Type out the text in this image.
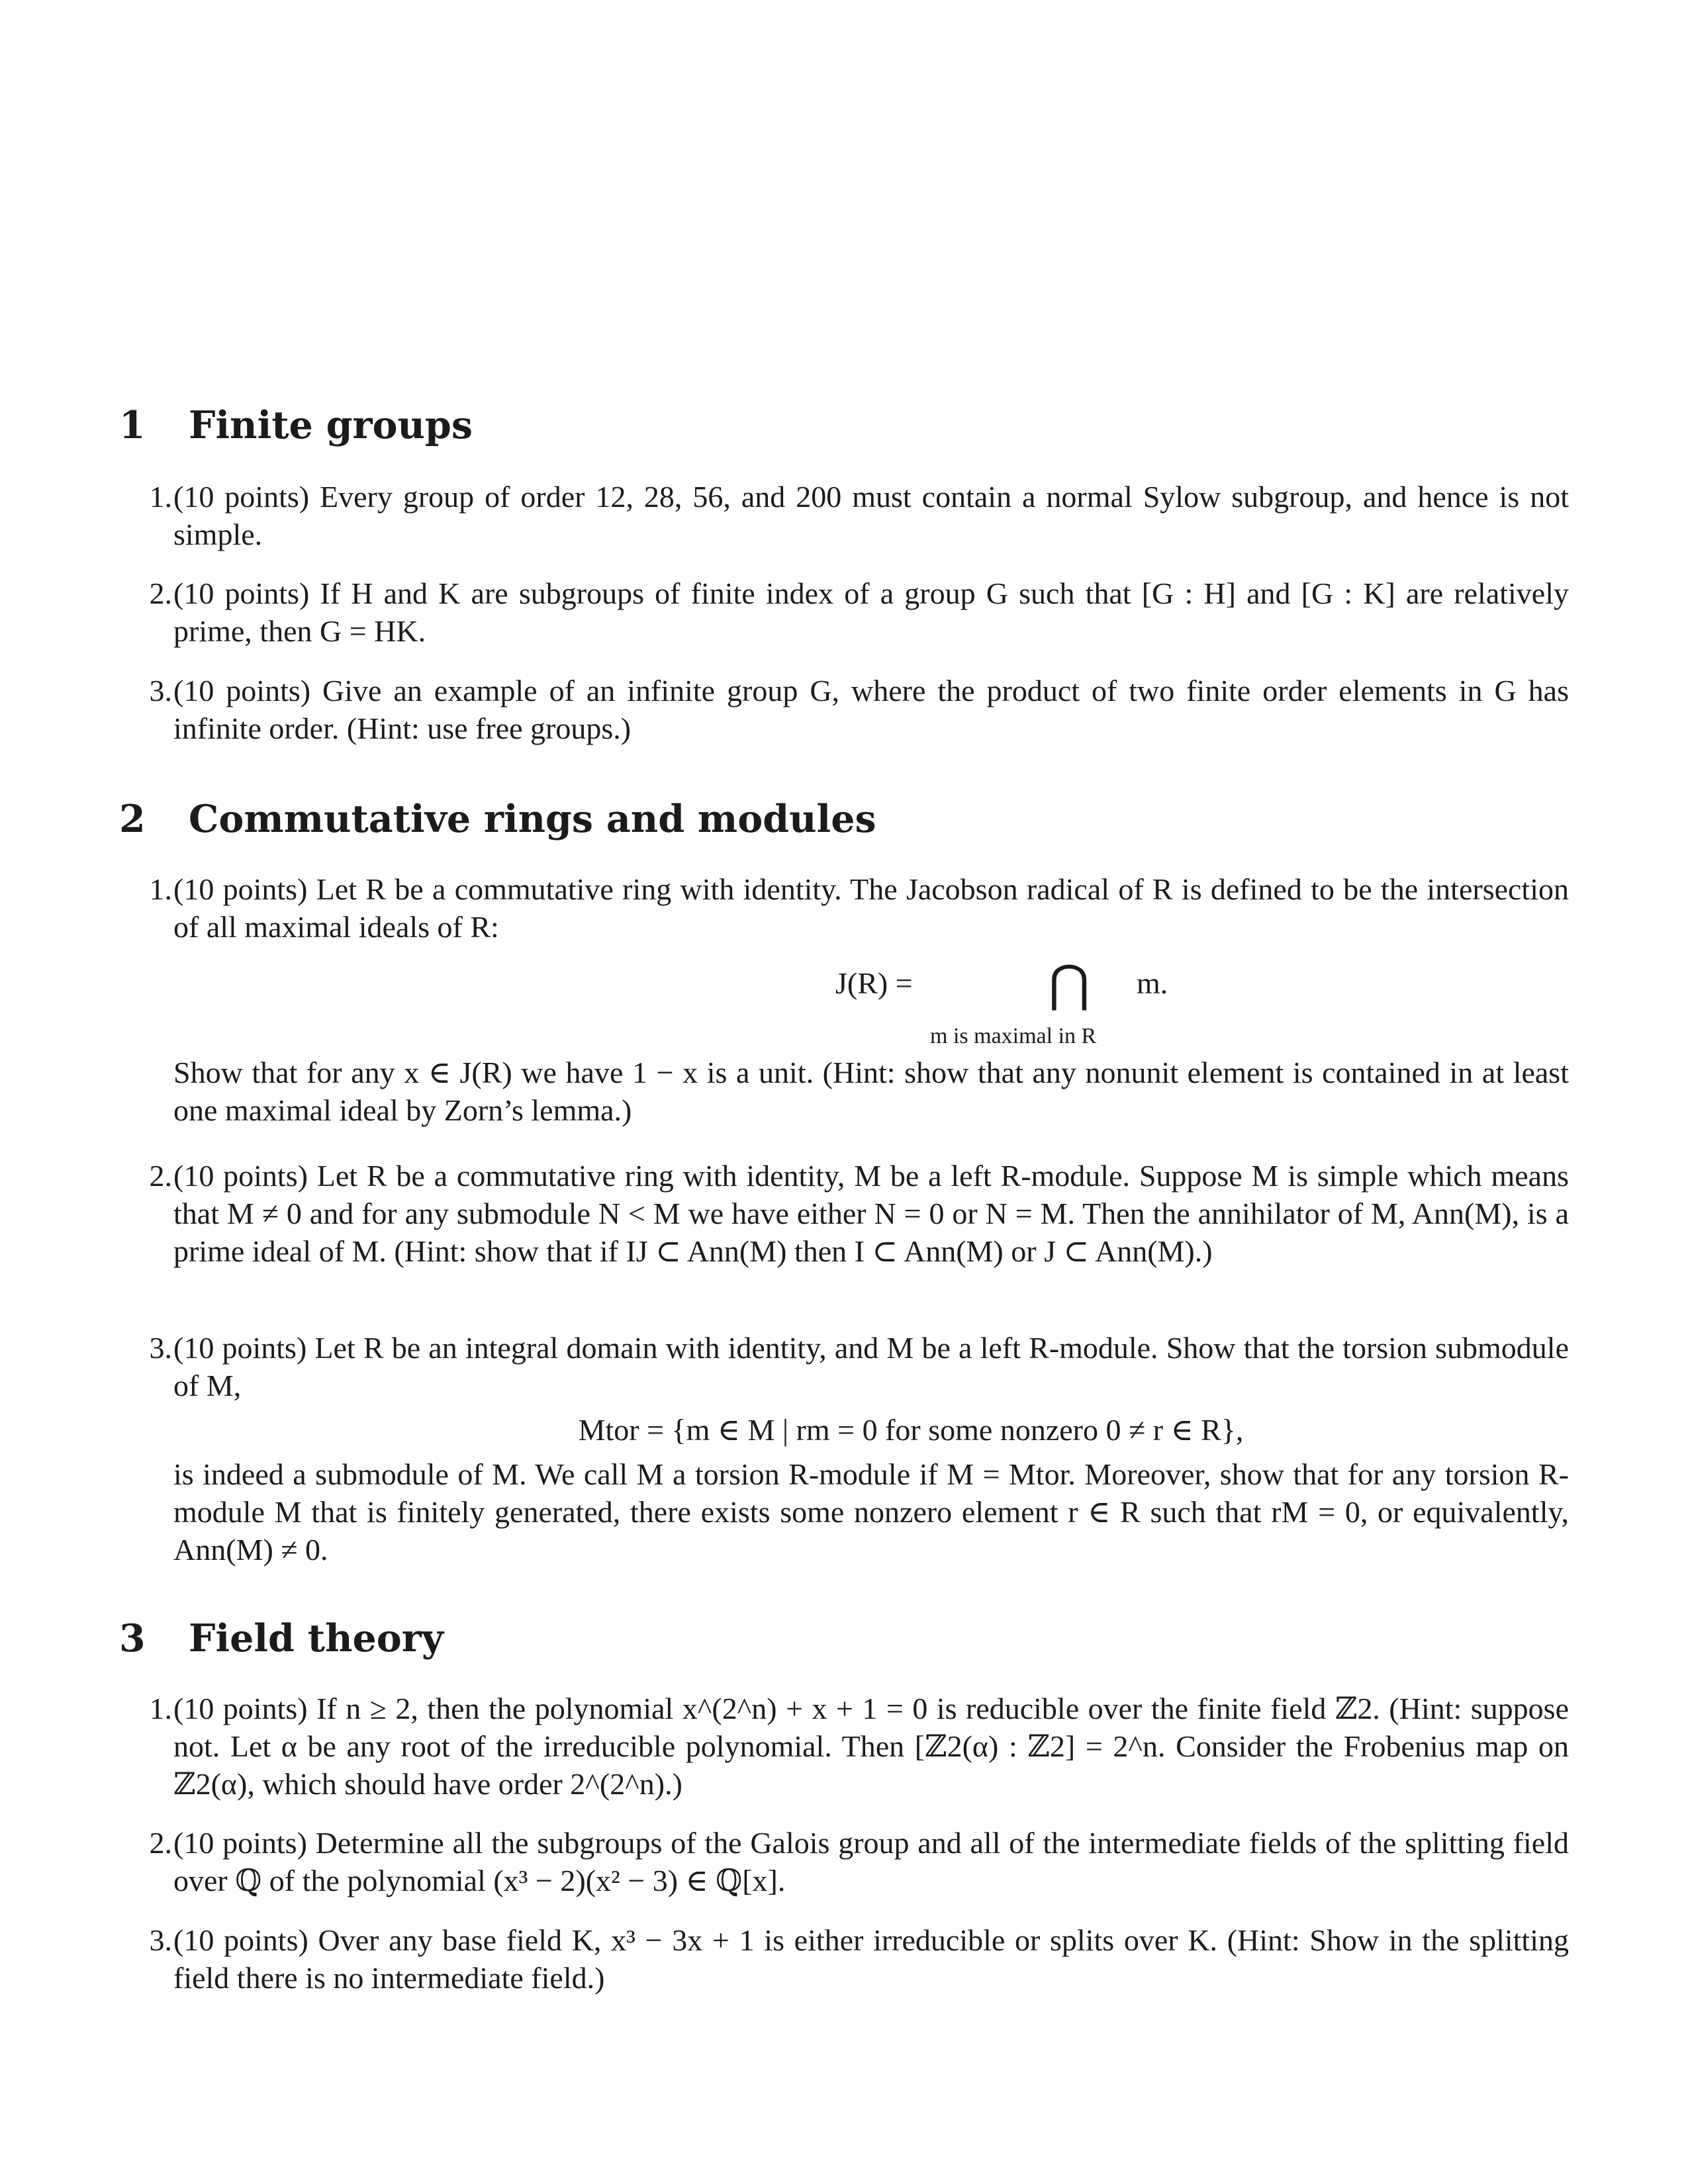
1 Finite groups
1. (10 points) Every group of order 12, 28, 56, and 200 must contain a normal Sylow subgroup, and hence is not simple.

2. (10 points) If H and K are subgroups of finite index of a group G such that [G : H] and [G : K] are relatively prime, then G = HK.

3. (10 points) Give an example of an infinite group G, where the product of two finite order elements in G has infinite order. (Hint: use free groups.)

2 Commutative rings and modules
1. (10 points) Let R be a commutative ring with identity. The Jacobson radical of R is defined to be the intersection of all maximal ideals of R:

J(R) =	⋂ m.
m is maximal in R

Show that for any x ∈ J(R) we have 1 − x is a unit. (Hint: show that any nonunit element is contained in at least one maximal ideal by Zorn’s lemma.)

2. (10 points) Let R be a commutative ring with identity, M be a left R-module. Suppose M is simple which means that M ≠ 0 and for any submodule N < M we have either N = 0 or N = M. Then the annihilator of M, Ann(M), is a prime ideal of M. (Hint: show that if IJ ⊂ Ann(M) then I ⊂ Ann(M) or J ⊂ Ann(M).)

3. (10 points) Let R be an integral domain with identity, and M be a left R-module. Show that the torsion submodule of M,

Mtor = {m ∈ M | rm = 0 for some nonzero 0 ≠ r ∈ R},

is indeed a submodule of M. We call M a torsion R-module if M = Mtor. Moreover, show that for any torsion R-module M that is finitely generated, there exists some nonzero element r ∈ R such that rM = 0, or equivalently, Ann(M) ≠ 0.

3 Field theory
1. (10 points) If n ≥ 2, then the polynomial x^(2^n) + x + 1 = 0 is reducible over the finite field ℤ2. (Hint: suppose not. Let α be any root of the irreducible polynomial. Then [ℤ2(α) : ℤ2] = 2^n. Consider the Frobenius map on ℤ2(α), which should have order 2^(2^n).)

2. (10 points) Determine all the subgroups of the Galois group and all of the intermediate fields of the splitting field over ℚ of the polynomial (x³ − 2)(x² − 3) ∈ ℚ[x].

3. (10 points) Over any base field K, x³ − 3x + 1 is either irreducible or splits over K. (Hint: Show in the splitting field there is no intermediate field.)
